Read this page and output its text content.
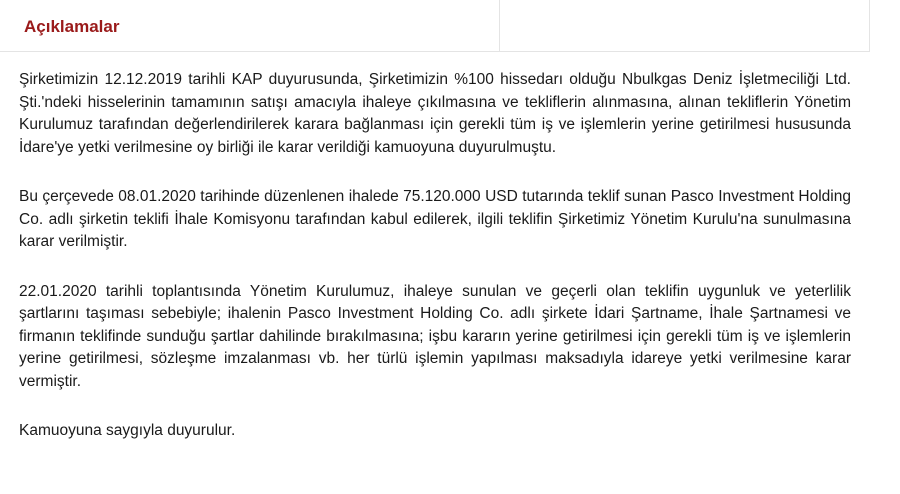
Açıklamalar

Şirketimizin 12.12.2019 tarihli KAP duyurusunda, Şirketimizin %100 hissedarı olduğu Nbulkgas Deniz İşletmeciliği Ltd. Şti.'ndeki hisselerinin tamamının satışı amacıyla ihaleye çıkılmasına ve tekliflerin alınmasına, alınan tekliflerin Yönetim Kurulumuz tarafından değerlendirilerek karara bağlanması için gerekli tüm iş ve işlemlerin yerine getirilmesi hususunda İdare'ye yetki verilmesine oy birliği ile karar verildiği kamuoyuna duyurulmuştu.

Bu çerçevede 08.01.2020 tarihinde düzenlenen ihalede 75.120.000 USD tutarında teklif sunan Pasco Investment Holding Co. adlı şirketin teklifi İhale Komisyonu tarafından kabul edilerek, ilgili teklifin Şirketimiz Yönetim Kurulu'na sunulmasına karar verilmiştir.

22.01.2020 tarihli toplantısında Yönetim Kurulumuz, ihaleye sunulan ve geçerli olan teklifin uygunluk ve yeterlilik şartlarını taşıması sebebiyle; ihalenin Pasco Investment Holding Co. adlı şirkete İdari Şartname, İhale Şartnamesi ve firmanın teklifinde sunduğu şartlar dahilinde bırakılmasına; işbu kararın yerine getirilmesi için gerekli tüm iş ve işlemlerin yerine getirilmesi, sözleşme imzalanması vb. her türlü işlemin yapılması maksadıyla idareye yetki verilmesine karar vermiştir.

Kamuoyuna saygıyla duyurulur.
